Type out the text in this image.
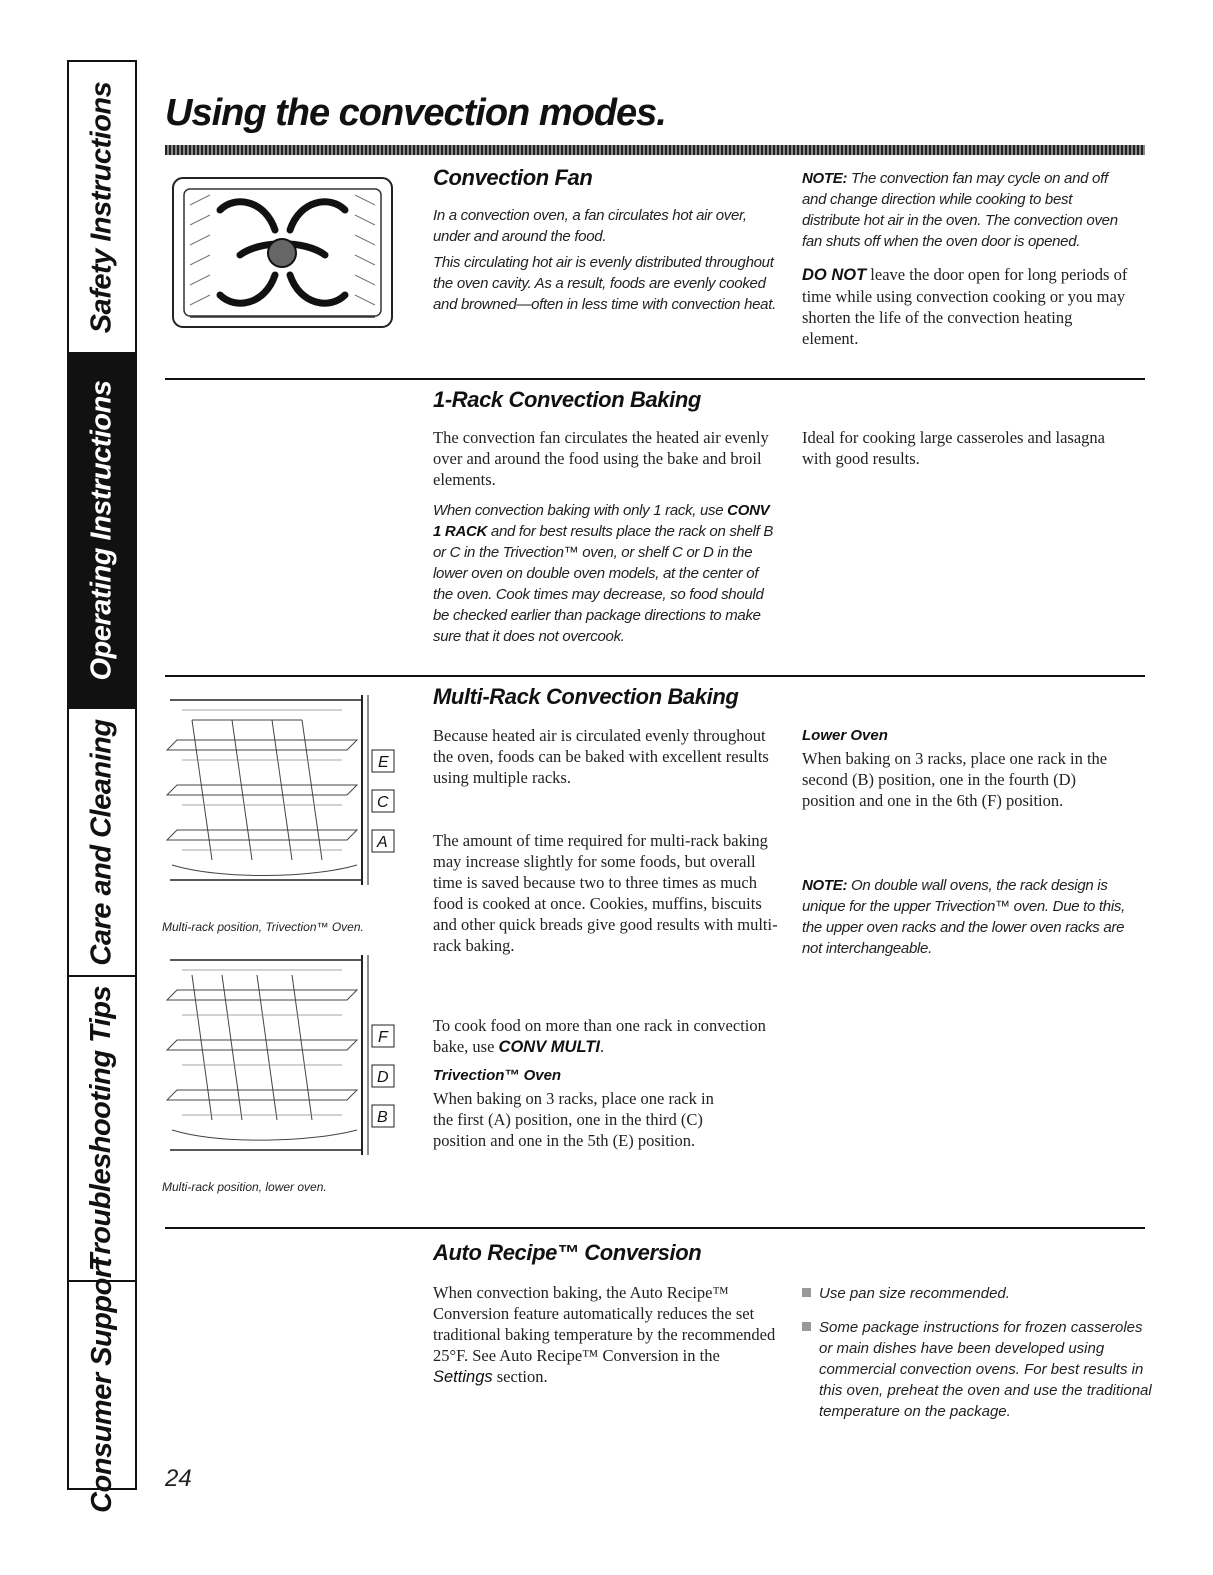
Safety Instructions
Operating Instructions
Care and Cleaning
Troubleshooting Tips
Consumer Support
Using the convection modes.
Convection Fan

In a convection oven, a fan circulates hot air over, under and around the food.

This circulating hot air is evenly distributed throughout the oven cavity. As a result, foods are evenly cooked and browned—often in less time with convection heat.

NOTE: The convection fan may cycle on and off and change direction while cooking to best distribute hot air in the oven. The convection oven fan shuts off when the oven door is opened.

DO NOT leave the door open for long periods of time while using convection cooking or you may shorten the life of the convection heating element.

1-Rack Convection Baking

The convection fan circulates the heated air evenly over and around the food using the bake and broil elements.

When convection baking with only 1 rack, use CONV 1 RACK and for best results place the rack on shelf B or C in the Trivection™ oven, or shelf C or D in the lower oven on double oven models, at the center of the oven. Cook times may decrease, so food should be checked earlier than package directions to make sure that it does not overcook.

Ideal for cooking large casseroles and lasagna with good results.

E
C
A

Multi-rack position, Trivection™ Oven.

F
D
B

Multi-rack position, lower oven.

Multi-Rack Convection Baking

Because heated air is circulated evenly throughout the oven, foods can be baked with excellent results using multiple racks.

The amount of time required for multi-rack baking may increase slightly for some foods, but overall time is saved because two to three times as much food is cooked at once. Cookies, muffins, biscuits and other quick breads give good results with multi-rack baking.

To cook food on more than one rack in convection bake, use CONV MULTI.

Trivection™ Oven

When baking on 3 racks, place one rack in the first (A) position, one in the third (C) position and one in the 5th (E) position.

Lower Oven

When baking on 3 racks, place one rack in the second (B) position, one in the fourth (D) position and one in the 6th (F) position.

NOTE: On double wall ovens, the rack design is unique for the upper Trivection™ oven. Due to this, the upper oven racks and the lower oven racks are not interchangeable.

Auto Recipe™ Conversion

When convection baking, the Auto Recipe™ Conversion feature automatically reduces the set traditional baking temperature by the recommended 25°F. See Auto Recipe™ Conversion in the Settings section.

Use pan size recommended.

Some package instructions for frozen casseroles or main dishes have been developed using commercial convection ovens. For best results in this oven, preheat the oven and use the traditional temperature on the package.

24
